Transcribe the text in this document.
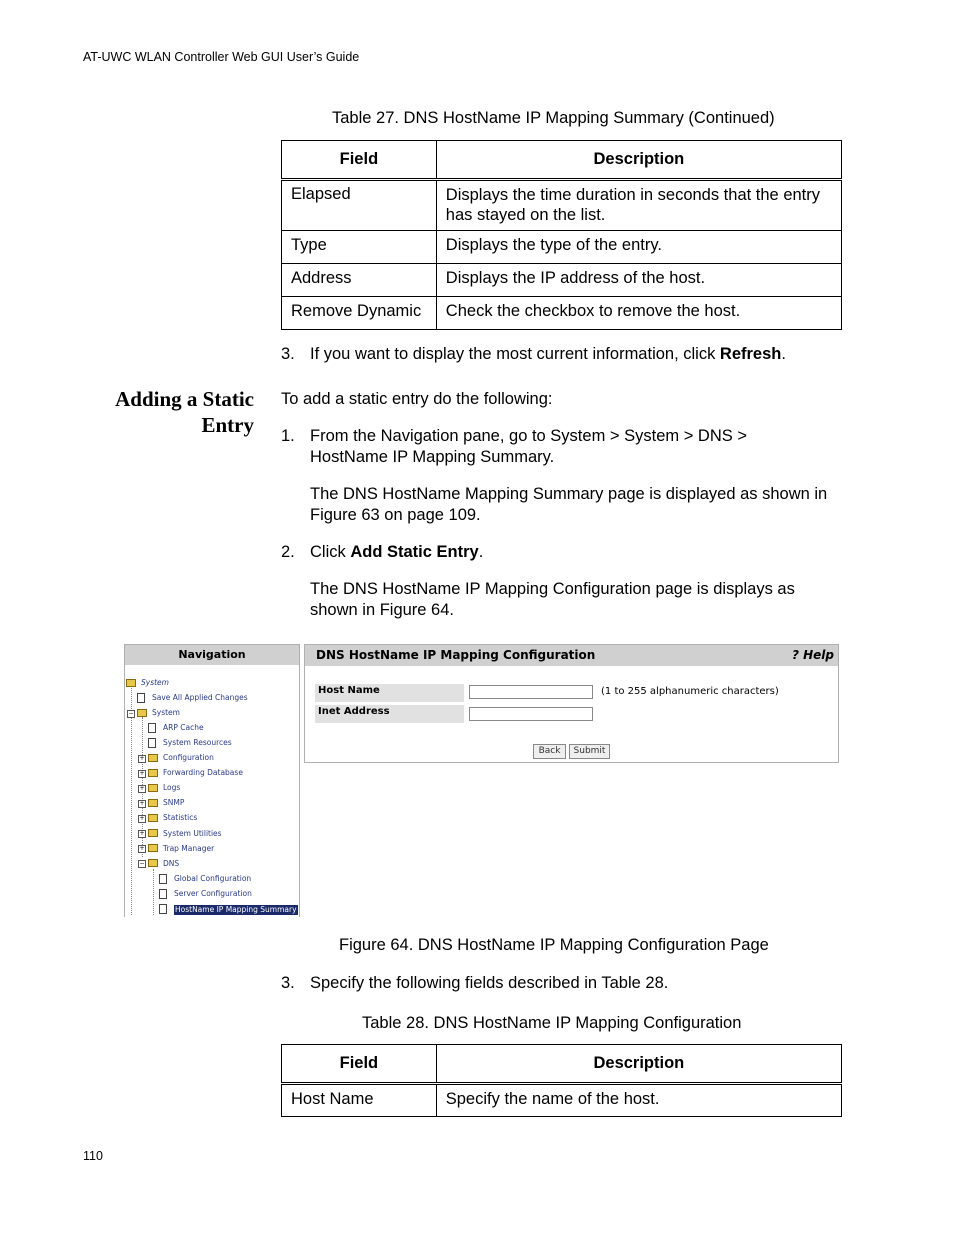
AT-UWC WLAN Controller Web GUI User’s Guide
Table 27. DNS HostName IP Mapping Summary (Continued)
Field	Description
Elapsed	Displays the time duration in seconds that the entry has stayed on the list.
Type	Displays the type of the entry.
Address	Displays the IP address of the host.
Remove Dynamic	Check the checkbox to remove the host.
3. If you want to display the most current information, click Refresh.
Adding a Static
Entry
To add a static entry do the following:
1. From the Navigation pane, go to System > System > DNS >
HostName IP Mapping Summary.
The DNS HostName Mapping Summary page is displayed as shown in
Figure 63 on page 109.
2. Click Add Static Entry.
The DNS HostName IP Mapping Configuration page is displays as
shown in Figure 64.
Navigation
System
Save All Applied Changes
− System
ARP Cache
System Resources
+ Configuration
+ Forwarding Database
+ Logs
+ SNMP
+ Statistics
+ System Utilities
+ Trap Manager
− DNS
Global Configuration
Server Configuration
HostName IP Mapping Summary
DNS HostName IP Mapping Configuration	? Help
Host Name	(1 to 255 alphanumeric characters)
Inet Address
Back	Submit
Figure 64. DNS HostName IP Mapping Configuration Page
3. Specify the following fields described in Table 28.
Table 28. DNS HostName IP Mapping Configuration
Field	Description
Host Name	Specify the name of the host.
110
